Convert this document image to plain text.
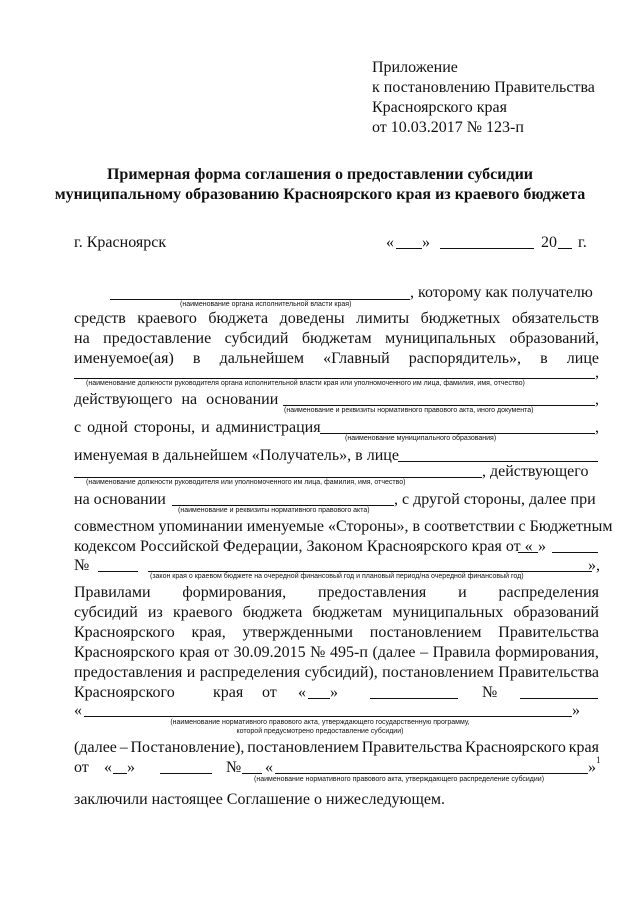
Приложение
к постановлению Правительства
Красноярского края
от 10.03.2017 № 123-п
Примерная форма соглашения о предоставлении субсидии
муниципальному образованию Красноярского края из краевого бюджета
г. Красноярск	« »	20 г.
, которому как получателю
(наименование органа исполнительной власти края)
средств краевого бюджета доведены лимиты бюджетных обязательств
на предоставление субсидий бюджетам муниципальных образований,
именуемое(ая) в дальнейшем «Главный распорядитель», в лице
,
(наименование должности руководителя органа исполнительной власти края или уполномоченного им лица, фамилия, имя, отчество)
действующего на основании	,
(наименование и реквизиты нормативного правового акта, иного документа)
с одной стороны, и администрация	,
(наименование муниципального образования)
именуемая в дальнейшем «Получатель», в лице
, действующего
(наименование должности руководителя или уполномоченного им лица, фамилия, имя, отчество)
на основании	, с другой стороны, далее при
(наименование и реквизиты нормативного правового акта)
совместном упоминании именуемые «Стороны», в соответствии с Бюджетным
кодексом Российской Федерации, Законом Красноярского края от « »
№	»,
(закон края о краевом бюджете на очередной финансовый год и плановый период/на очередной финансовый год)
Правилами формирования, предоставления и распределения
субсидий из краевого бюджета бюджетам муниципальных образований
Красноярского края, утвержденными постановлением Правительства
Красноярского края от 30.09.2015 № 495-п (далее – Правила формирования,
предоставления и распределения субсидий), постановлением Правительства
Красноярского края от « »	№
«	»
(наименование нормативного правового акта, утверждающего государственную программу,
которой предусмотрено предоставление субсидии)
(далее – Постановление), постановлением Правительства Красноярского края
от « »	№ «	» 1
(наименование нормативного правового акта, утверждающего распределение субсидии)
заключили настоящее Соглашение о нижеследующем.
